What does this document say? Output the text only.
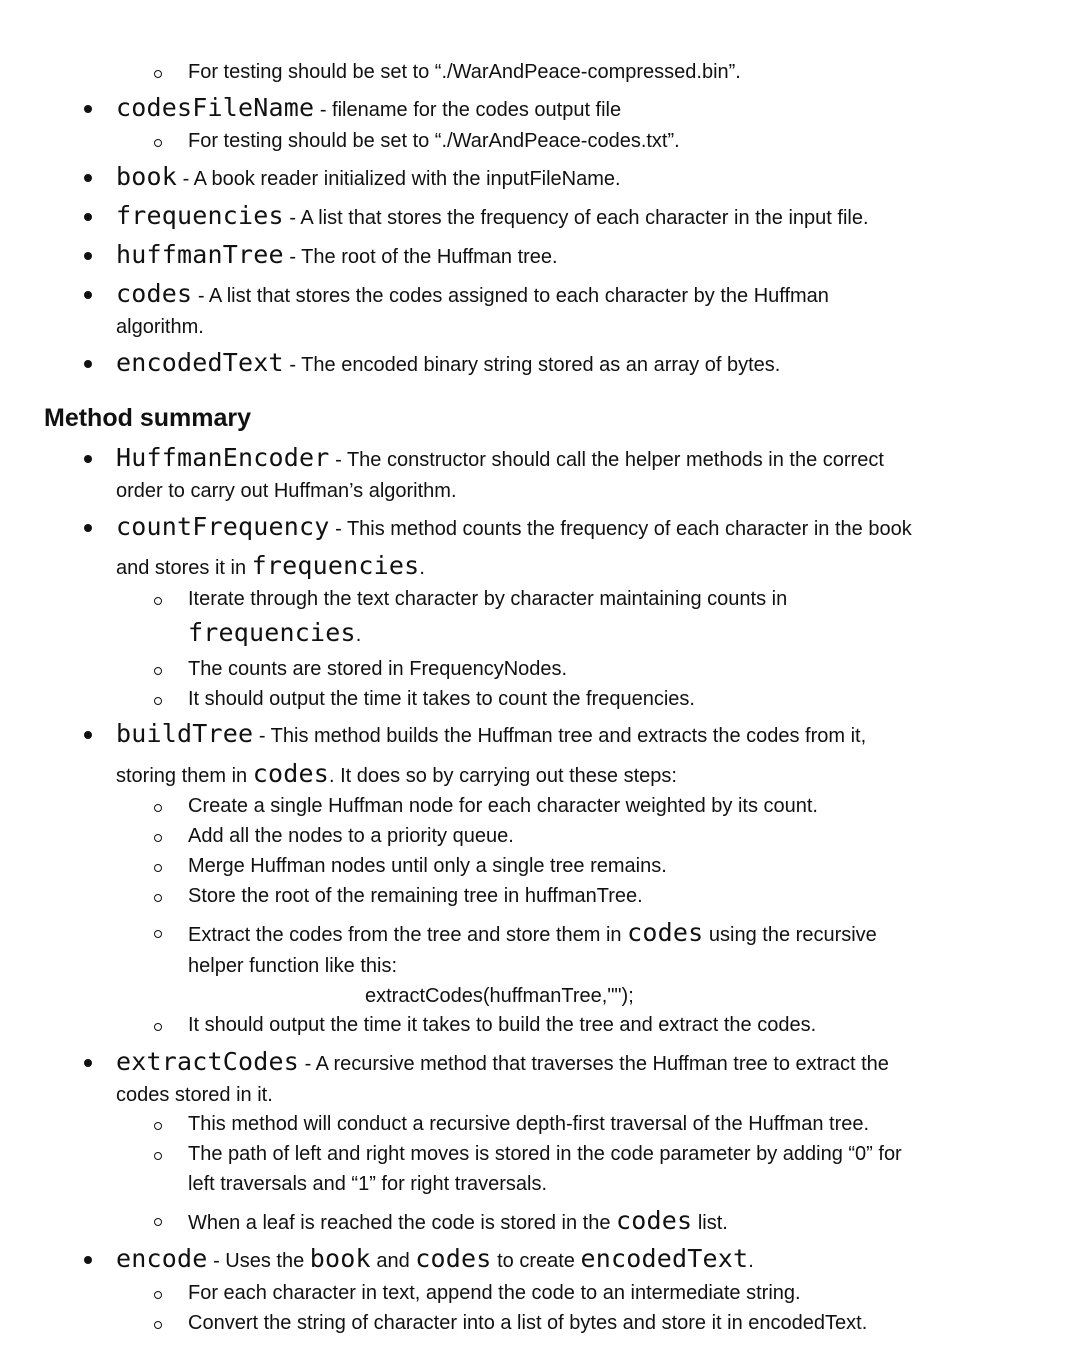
For testing should be set to “./WarAndPeace-compressed.bin”.
codesFileName - filename for the codes output file
For testing should be set to “./WarAndPeace-codes.txt”.
book - A book reader initialized with the inputFileName.
frequencies - A list that stores the frequency of each character in the input file.
huffmanTree - The root of the Huffman tree.
codes - A list that stores the codes assigned to each character by the Huffman
algorithm.
encodedText - The encoded binary string stored as an array of bytes.
Method summary
HuffmanEncoder - The constructor should call the helper methods in the correct
order to carry out Huffman’s algorithm.
countFrequency - This method counts the frequency of each character in the book
and stores it in frequencies.
Iterate through the text character by character maintaining counts in
frequencies.
The counts are stored in FrequencyNodes.
It should output the time it takes to count the frequencies.
buildTree - This method builds the Huffman tree and extracts the codes from it,
storing them in codes. It does so by carrying out these steps:
Create a single Huffman node for each character weighted by its count.
Add all the nodes to a priority queue.
Merge Huffman nodes until only a single tree remains.
Store the root of the remaining tree in huffmanTree.
Extract the codes from the tree and store them in codes using the recursive
helper function like this:
extractCodes(huffmanTree,"");
It should output the time it takes to build the tree and extract the codes.
extractCodes - A recursive method that traverses the Huffman tree to extract the
codes stored in it.
This method will conduct a recursive depth-first traversal of the Huffman tree.
The path of left and right moves is stored in the code parameter by adding “0” for
left traversals and “1” for right traversals.
When a leaf is reached the code is stored in the codes list.
encode - Uses the book and codes to create encodedText.
For each character in text, append the code to an intermediate string.
Convert the string of character into a list of bytes and store it in encodedText.
